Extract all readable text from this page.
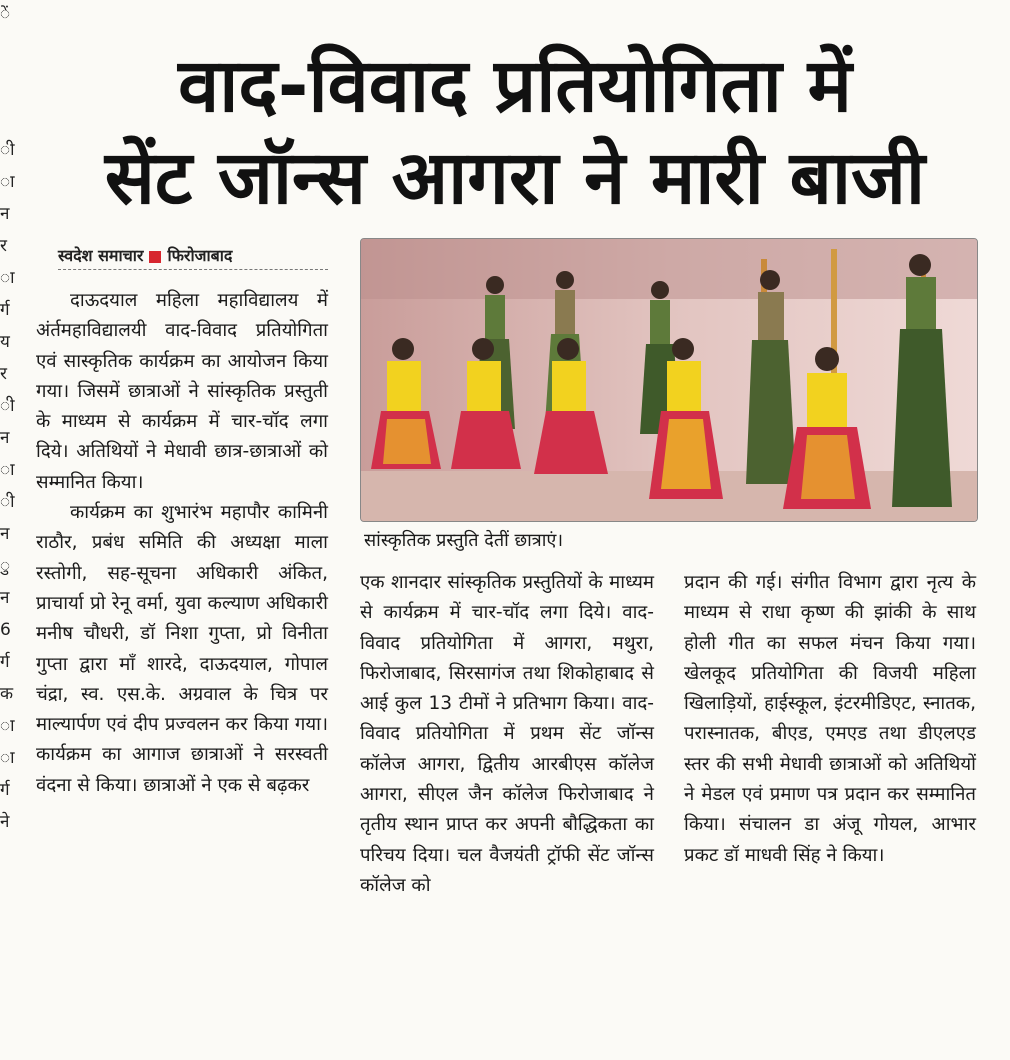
ें
ी
ा
न
र
ा
र्ग
य
र
ी
न
ा
ी
न
ु
न
6
र्ग
क
ा
ा
र्ग
ने
वाद-विवाद प्रतियोगिता में
सेंट जॉन्स आगरा ने मारी बाजी
स्वदेश समाचार फिरोजाबाद

दाऊदयाल महिला महाविद्यालय में अंर्तमहाविद्यालयी वाद-विवाद प्रतियोगिता एवं सास्कृतिक कार्यक्रम का आयोजन किया गया। जिसमें छात्राओं ने सांस्कृतिक प्रस्तुती के माध्यम से कार्यक्रम में चार-चॉद लगा दिये। अतिथियों ने मेधावी छात्र-छात्राओं को सम्मानित किया।

कार्यक्रम का शुभारंभ महापौर कामिनी राठौर, प्रबंध समिति की अध्यक्षा माला रस्तोगी, सह-सूचना अधिकारी अंकित, प्राचार्या प्रो रेनू वर्मा, युवा कल्याण अधिकारी मनीष चौधरी, डॉ निशा गुप्ता, प्रो विनीता गुप्ता द्वारा माँ शारदे, दाऊदयाल, गोपाल चंद्रा, स्व. एस.के. अग्रवाल के चित्र पर माल्यार्पण एवं दीप प्रज्वलन कर किया गया। कार्यक्रम का आगाज छात्राओं ने सरस्वती वंदना से किया। छात्राओं ने एक से बढ़कर

सांस्कृतिक प्रस्तुति देतीं छात्राएं।

एक शानदार सांस्कृतिक प्रस्तुतियों के माध्यम से कार्यक्रम में चार-चॉद लगा दिये। वाद-विवाद प्रतियोगिता में आगरा, मथुरा, फिरोजाबाद, सिरसागंज तथा शिकोहाबाद से आई कुल 13 टीमों ने प्रतिभाग किया। वाद-विवाद प्रतियोगिता में प्रथम सेंट जॉन्स कॉलेज आगरा, द्वितीय आरबीएस कॉलेज आगरा, सीएल जैन कॉलेज फिरोजाबाद ने तृतीय स्थान प्राप्त कर अपनी बौद्धिकता का परिचय दिया। चल वैजयंती ट्रॉफी सेंट जॉन्स कॉलेज को

प्रदान की गई। संगीत विभाग द्वारा नृत्य के माध्यम से राधा कृष्ण की झांकी के साथ होली गीत का सफल मंचन किया गया। खेलकूद प्रतियोगिता की विजयी महिला खिलाड़ियों, हाईस्कूल, इंटरमीडिएट, स्नातक, परास्नातक, बीएड, एमएड तथा डीएलएड स्तर की सभी मेधावी छात्राओं को अतिथियों ने मेडल एवं प्रमाण पत्र प्रदान कर सम्मानित किया। संचालन डा अंजू गोयल, आभार प्रकट डॉ माधवी सिंह ने किया।
